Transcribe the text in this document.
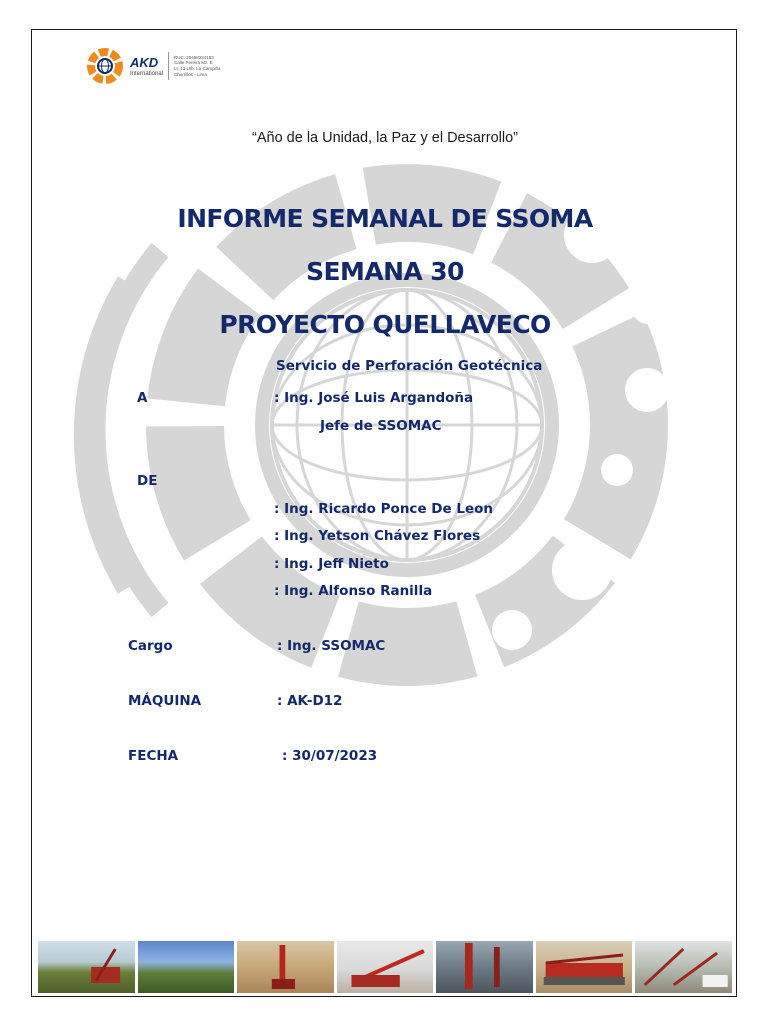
AKD
International
RUC: 20458234183
Calle Pereira Mz. E
Lt. 13 Urb. La Campiña
Chorrillos - Lima
“Año de la Unidad, la Paz y el Desarrollo”
INFORME SEMANAL DE SSOMA
SEMANA 30
PROYECTO QUELLAVECO
Servicio de Perforación Geotécnica
A	: Ing. José Luis Argandoña
Jefe de SSOMAC
DE
: Ing. Ricardo Ponce De Leon
: Ing. Yetson Chávez Flores
: Ing. Jeff Nieto
: Ing. Alfonso Ranilla
Cargo	: Ing. SSOMAC
MÁQUINA	: AK-D12
FECHA	: 30/07/2023
